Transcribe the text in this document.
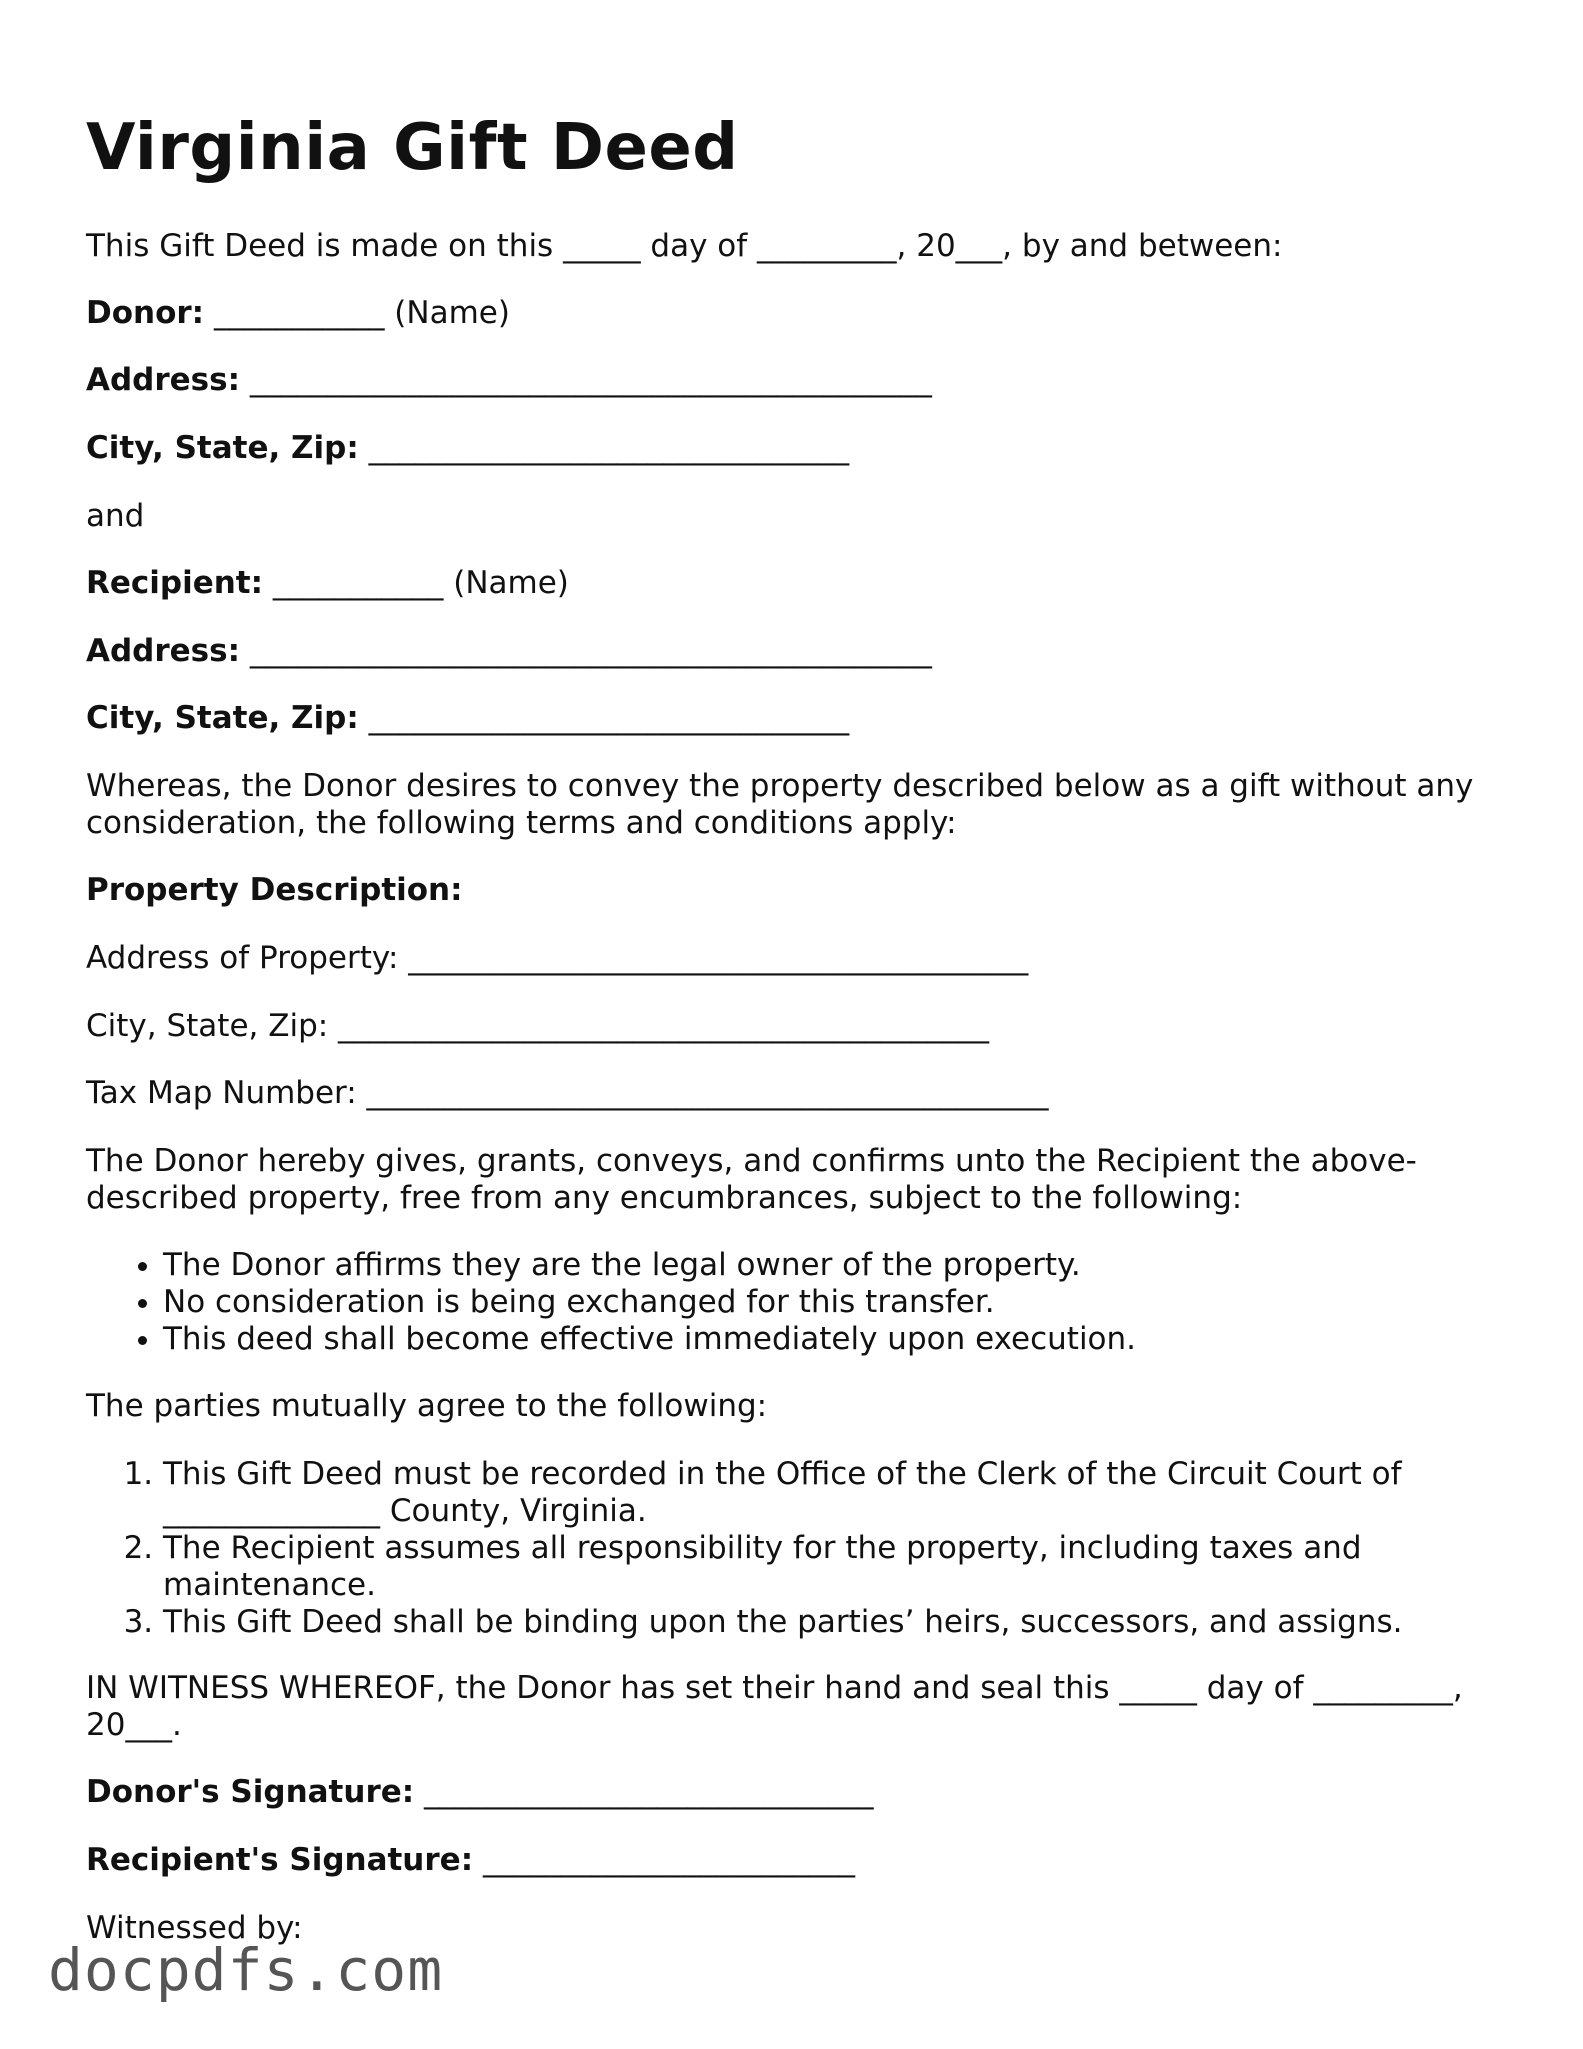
Virginia Gift Deed
This Gift Deed is made on this _____ day of _________, 20___, by and between:
Donor: ___________ (Name)
Address: ____________________________________________
City, State, Zip: _______________________________
and
Recipient: ___________ (Name)
Address: ____________________________________________
City, State, Zip: _______________________________
Whereas, the Donor desires to convey the property described below as a gift without any consideration, the following terms and conditions apply:
Property Description:
Address of Property: ________________________________________
City, State, Zip: __________________________________________
Tax Map Number: ____________________________________________
The Donor hereby gives, grants, conveys, and confirms unto the Recipient the above-described property, free from any encumbrances, subject to the following:
• The Donor affirms they are the legal owner of the property.
• No consideration is being exchanged for this transfer.
• This deed shall become effective immediately upon execution.
The parties mutually agree to the following:
1. This Gift Deed must be recorded in the Office of the Clerk of the Circuit Court of ______________ County, Virginia.
2. The Recipient assumes all responsibility for the property, including taxes and maintenance.
3. This Gift Deed shall be binding upon the parties’ heirs, successors, and assigns.
IN WITNESS WHEREOF, the Donor has set their hand and seal this _____ day of _________, 20___.
Donor's Signature: _____________________________
Recipient's Signature: ________________________
Witnessed by:
docpdfs.com
